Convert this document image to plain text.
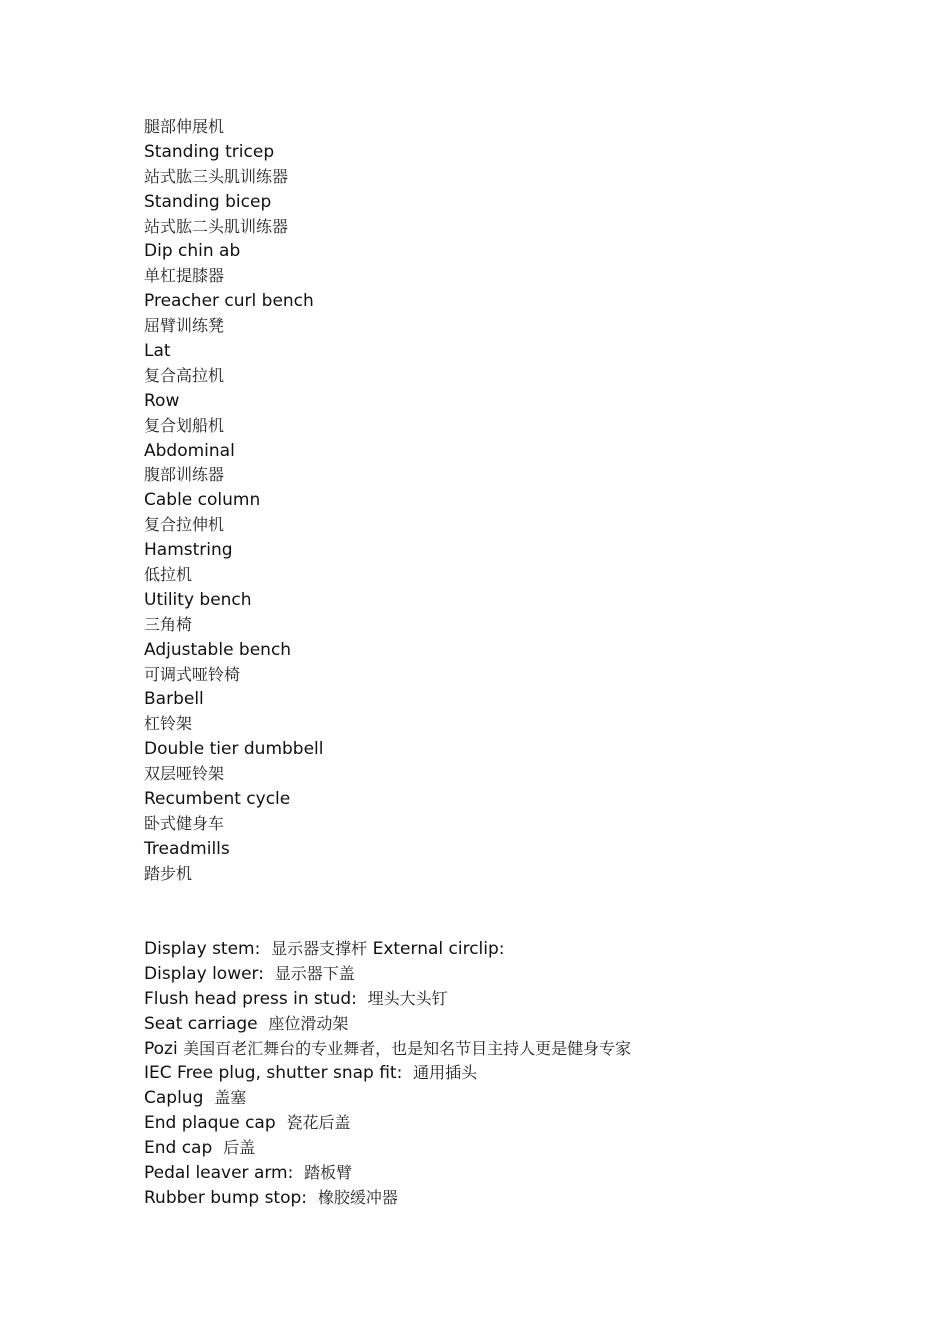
腿部伸展机
Standing tricep
站式肱三头肌训练器
Standing bicep
站式肱二头肌训练器
Dip chin ab
单杠提膝器
Preacher curl bench
屈臂训练凳
Lat
复合高拉机
Row
复合划船机
Abdominal
腹部训练器
Cable column
复合拉伸机
Hamstring
低拉机
Utility bench
三角椅
Adjustable bench
可调式哑铃椅
Barbell
杠铃架
Double tier dumbbell
双层哑铃架
Recumbent cycle
卧式健身车
Treadmills
踏步机
Display stem: 显示器支撑杆 External circlip:
Display lower: 显示器下盖
Flush head press in stud: 埋头大头钉
Seat carriage 座位滑动架
Pozi 美国百老汇舞台的专业舞者，也是知名节目主持人更是健身专家
IEC Free plug, shutter snap fit: 通用插头
Caplug 盖塞
End plaque cap 瓷花后盖
End cap 后盖
Pedal leaver arm: 踏板臂
Rubber bump stop: 橡胶缓冲器
